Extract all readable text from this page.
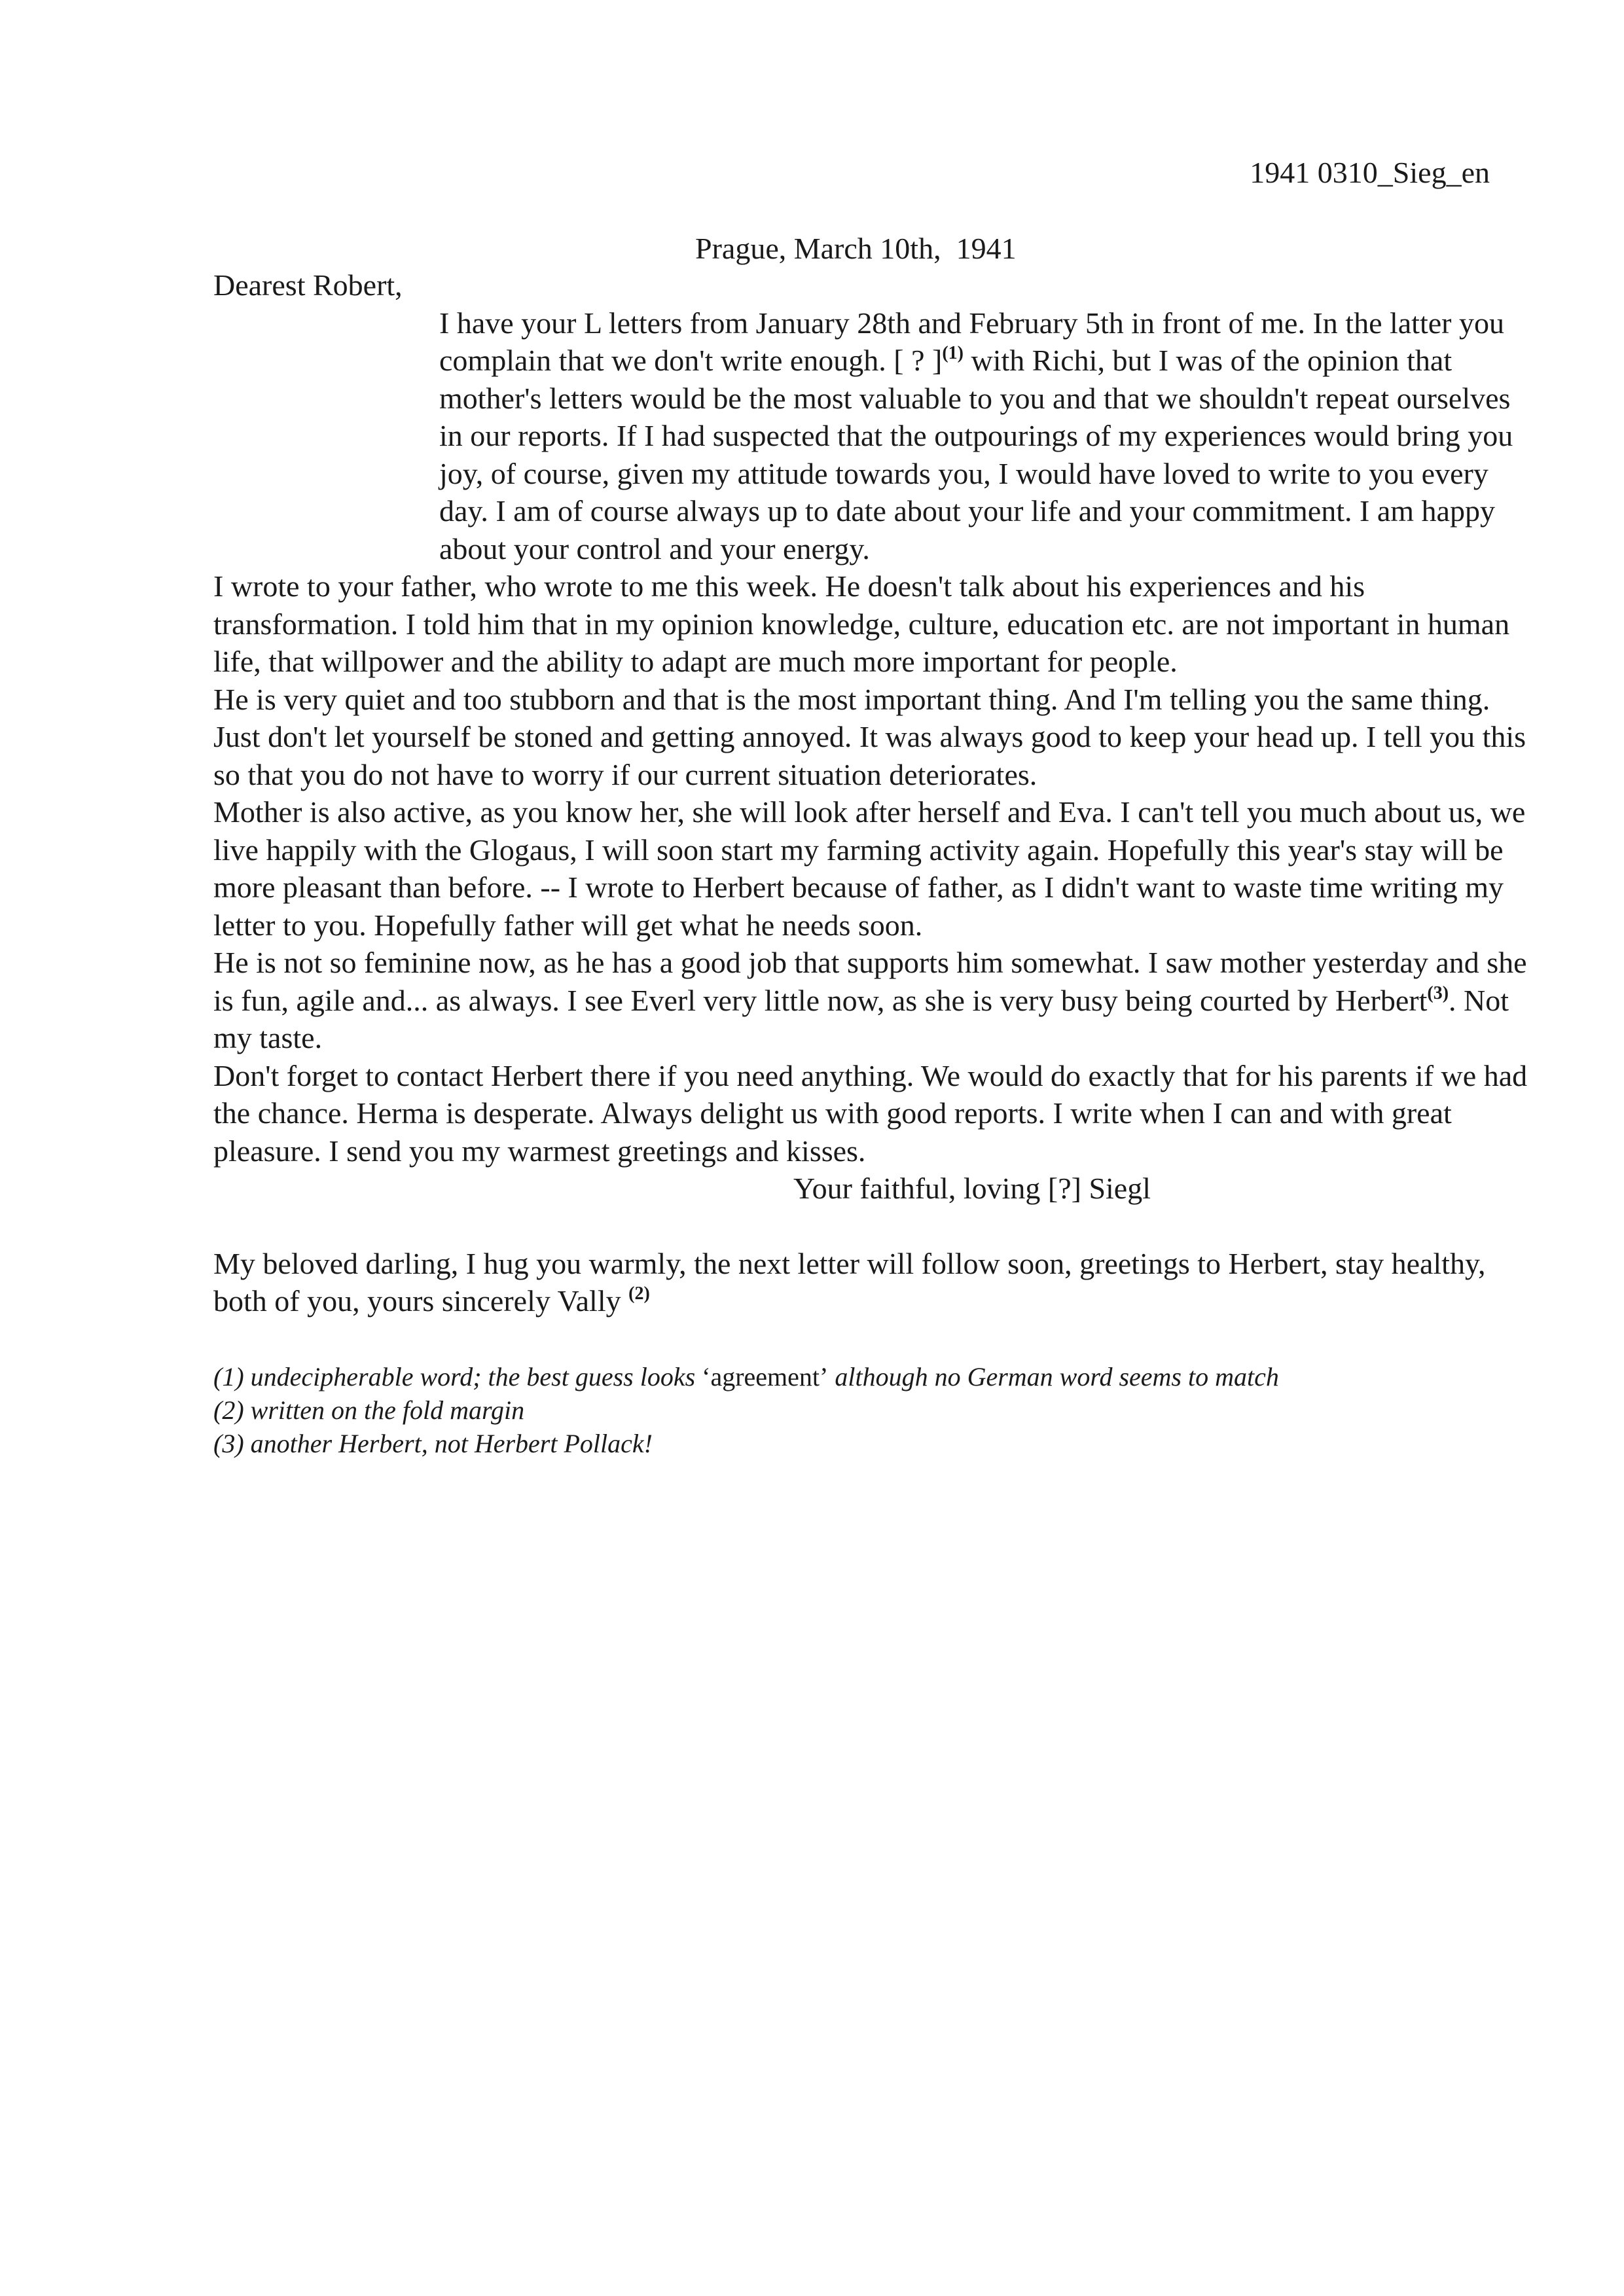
1941 0310_Sieg_en
Prague, March 10th,  1941

Dearest Robert,

I have your L letters from January 28th and February 5th in front of me. In the latter you complain that we don't write enough. [ ? ]$^{(1)}$ with Richi, but I was of the opinion that mother's letters would be the most valuable to you and that we shouldn't repeat ourselves in our reports. If I had suspected that the outpourings of my experiences would bring you joy, of course, given my attitude towards you, I would have loved to write to you every day. I am of course always up to date about your life and your commitment. I am happy about your control and your energy.

I wrote to your father, who wrote to me this week. He doesn't talk about his experiences and his transformation. I told him that in my opinion knowledge, culture, education etc. are not important in human life, that willpower and the ability to adapt are much more important for people.

He is very quiet and too stubborn and that is the most important thing. And I'm telling you the same thing. Just don't let yourself be stoned and getting annoyed. It was always good to keep your head up. I tell you this so that you do not have to worry if our current situation deteriorates.

Mother is also active, as you know her, she will look after herself and Eva. I can't tell you much about us, we live happily with the Glogaus, I will soon start my farming activity again. Hopefully this year's stay will be more pleasant than before. -- I wrote to Herbert because of father, as I didn't want to waste time writing my letter to you. Hopefully father will get what he needs soon.

He is not so feminine now, as he has a good job that supports him somewhat. I saw mother yesterday and she is fun, agile and... as always. I see Everl very little now, as she is very busy being courted by Herbert$^{(3)}$. Not my taste.

Don't forget to contact Herbert there if you need anything. We would do exactly that for his parents if we had the chance. Herma is desperate. Always delight us with good reports. I write when I can and with great pleasure. I send you my warmest greetings and kisses.

Your faithful, loving [?] Siegl

My beloved darling, I hug you warmly, the next letter will follow soon, greetings to Herbert, stay healthy, both of you, yours sincerely Vally $^{(2)}$

(1) undecipherable word; the best guess looks ‘agreement’ although no German word seems to match
(2) written on the fold margin
(3) another Herbert, not Herbert Pollack!
